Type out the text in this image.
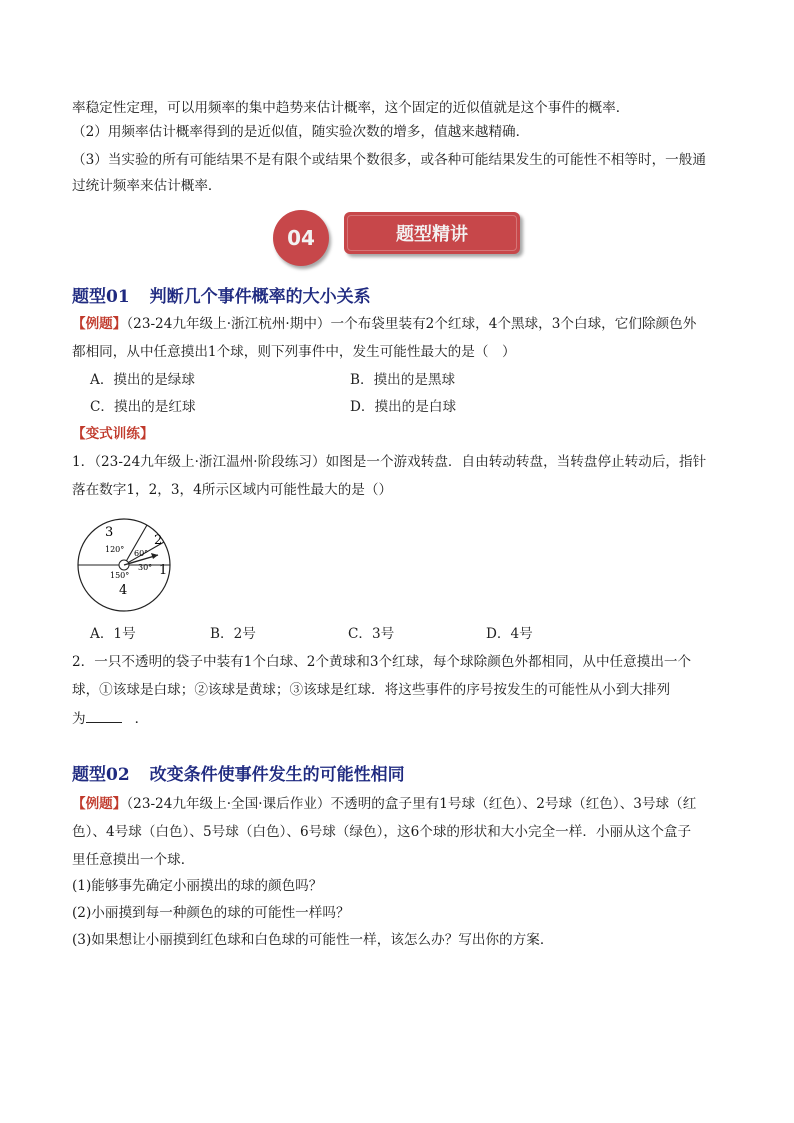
率稳定性定理，可以用频率的集中趋势来估计概率，这个固定的近似值就是这个事件的概率．
（2）用频率估计概率得到的是近似值，随实验次数的增多，值越来越精确．
（3）当实验的所有可能结果不是有限个或结果个数很多，或各种可能结果发生的可能性不相等时，一般通
过统计频率来估计概率．
04	题型精讲
题型01 判断几个事件概率的大小关系
【例题】（23-24九年级上·浙江杭州·期中）一个布袋里装有2个红球，4个黑球，3个白球，它们除颜色外
都相同，从中任意摸出1个球，则下列事件中，发生可能性最大的是（　）
A．摸出的是绿球	B．摸出的是黑球
C．摸出的是红球	D．摸出的是白球
【变式训练】
1．（23-24九年级上·浙江温州·阶段练习）如图是一个游戏转盘．自由转动转盘，当转盘停止转动后，指针
落在数字1，2，3，4所示区域内可能性最大的是（）
3
120°
2
60°
1
30°
150°
4
A．1号	B．2号	C．3号	D．4号
2．一只不透明的袋子中装有1个白球、2个黄球和3个红球，每个球除颜色外都相同，从中任意摸出一个
球，①该球是白球；②该球是黄球；③该球是红球．将这些事件的序号按发生的可能性从小到大排列
为	．
题型02 改变条件使事件发生的可能性相同
【例题】（23-24九年级上·全国·课后作业）不透明的盒子里有1号球（红色）、2号球（红色）、3号球（红
色）、4号球（白色）、5号球（白色）、6号球（绿色），这6个球的形状和大小完全一样．小丽从这个盒子
里任意摸出一个球．
(1)能够事先确定小丽摸出的球的颜色吗？
(2)小丽摸到每一种颜色的球的可能性一样吗？
(3)如果想让小丽摸到红色球和白色球的可能性一样，该怎么办？写出你的方案．
